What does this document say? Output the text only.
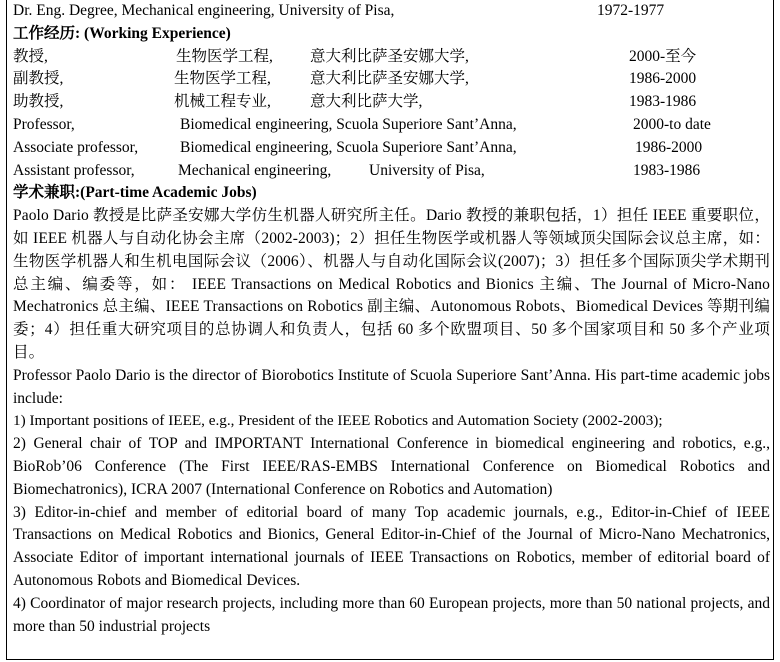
Dr. Eng. Degree, Mechanical engineering, University of Pisa,	1972-1977
工作经历: (Working Experience)
教授,	生物医学工程, 意大利比萨圣安娜大学,	2000-至今
副教授,	生物医学工程,	意大利比萨圣安娜大学,	1986-2000
助教授,	机械工程专业,	意大利比萨大学,	1983-1986
Professor,	Biomedical engineering, Scuola Superiore Sant’Anna,	2000-to date
Associate professor,	Biomedical engineering, Scuola Superiore Sant’Anna,	1986-2000
Assistant professor,	Mechanical engineering, University of Pisa,	1983-1986
学术兼职:(Part-time Academic Jobs)
Paolo Dario 教授是比萨圣安娜大学仿生机器人研究所主任。Dario 教授的兼职包括，1）担任 IEEE 重要职位，如 IEEE 机器人与自动化协会主席（2002-2003)；2）担任生物医学或机器人等领域顶尖国际会议总主席，如：生物医学机器人和生机电国际会议（2006）、机器人与自动化国际会议(2007)；3）担任多个国际顶尖学术期刊总主编、编委等，如： IEEE Transactions on Medical Robotics and Bionics 主编、The Journal of Micro-Nano Mechatronics 总主编、IEEE Transactions on Robotics 副主编、Autonomous Robots、Biomedical Devices 等期刊编委；4）担任重大研究项目的总协调人和负责人，包括 60 多个欧盟项目、50 多个国家项目和 50 多个产业项目。
Professor Paolo Dario is the director of Biorobotics Institute of Scuola Superiore Sant’Anna. His part-time academic jobs include:
1) Important positions of IEEE, e.g., President of the IEEE Robotics and Automation Society (2002-2003);
2) General chair of TOP and IMPORTANT International Conference in biomedical engineering and robotics, e.g., BioRob’06 Conference (The First IEEE/RAS-EMBS International Conference on Biomedical Robotics and Biomechatronics), ICRA 2007 (International Conference on Robotics and Automation)
3) Editor-in-chief and member of editorial board of many Top academic journals, e.g., Editor-in-Chief of IEEE Transactions on Medical Robotics and Bionics, General Editor-in-Chief of the Journal of Micro-Nano Mechatronics, Associate Editor of important international journals of IEEE Transactions on Robotics, member of editorial board of Autonomous Robots and Biomedical Devices.
4) Coordinator of major research projects, including more than 60 European projects, more than 50 national projects, and more than 50 industrial projects
